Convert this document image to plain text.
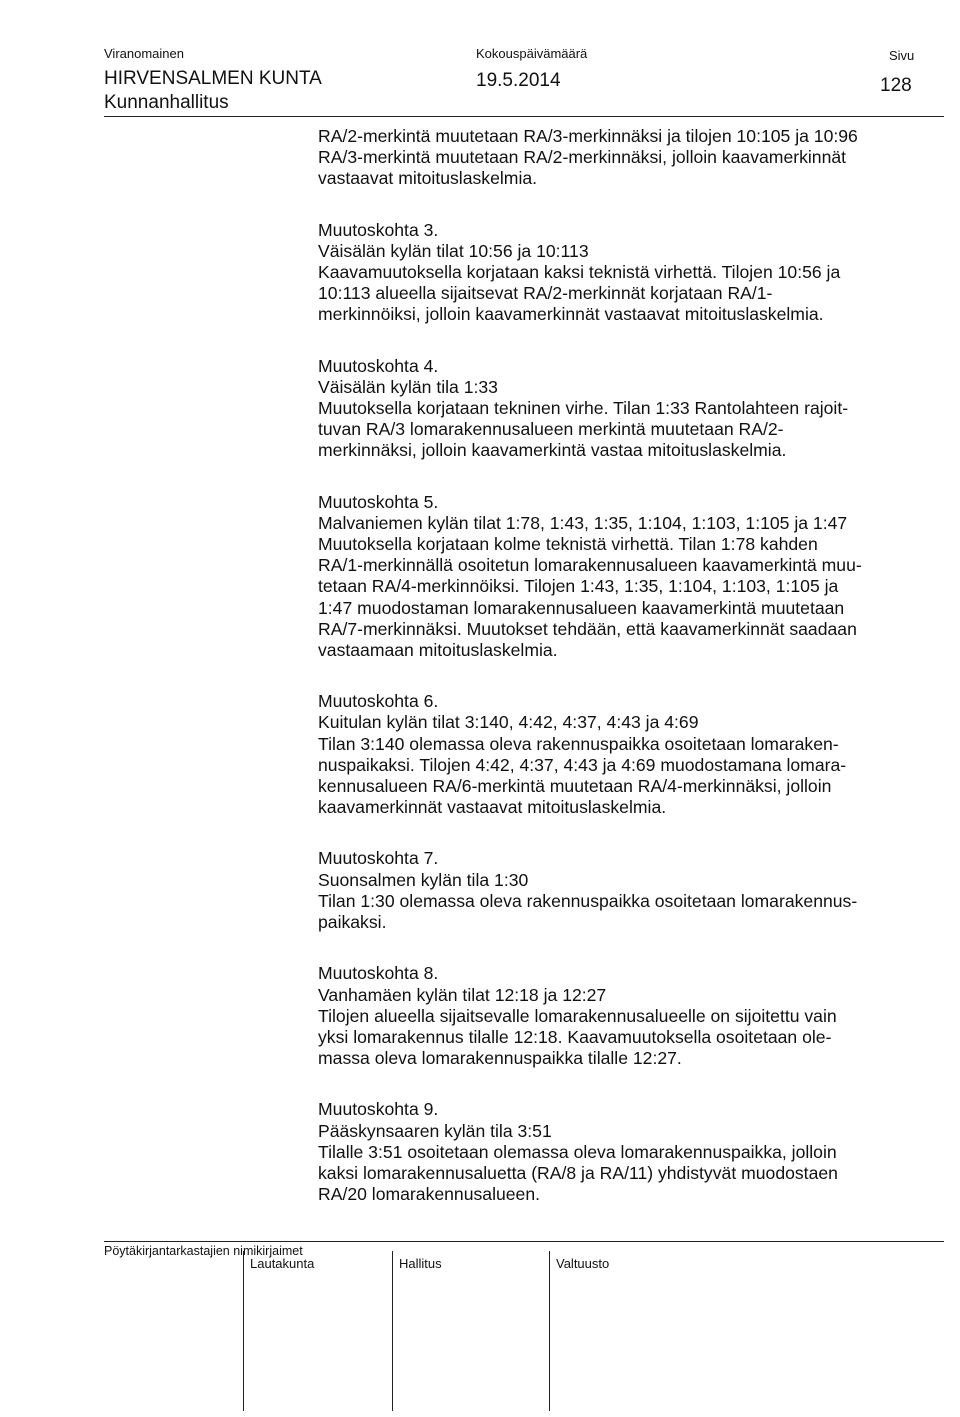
Viranomainen
HIRVENSALMEN KUNTA
Kunnanhallitus
Kokouspäivämäärä
19.5.2014
Sivu
128
RA/2-merkintä muutetaan RA/3-merkinnäksi ja tilojen 10:105 ja 10:96
RA/3-merkintä muutetaan RA/2-merkinnäksi, jolloin kaavamerkinnät
vastaavat mitoituslaskelmia.
Muutoskohta 3.
Väisälän kylän tilat 10:56 ja 10:113
Kaavamuutoksella korjataan kaksi teknistä virhettä. Tilojen 10:56 ja
10:113 alueella sijaitsevat RA/2-merkinnät korjataan RA/1-
merkinnöiksi, jolloin kaavamerkinnät vastaavat mitoituslaskelmia.
Muutoskohta 4.
Väisälän kylän tila 1:33
Muutoksella korjataan tekninen virhe. Tilan 1:33 Rantolahteen rajoit-
tuvan RA/3 lomarakennusalueen merkintä muutetaan RA/2-
merkinnäksi, jolloin kaavamerkintä vastaa mitoituslaskelmia.
Muutoskohta 5.
Malvaniemen kylän tilat 1:78, 1:43, 1:35, 1:104, 1:103, 1:105 ja 1:47
Muutoksella korjataan kolme teknistä virhettä. Tilan 1:78 kahden
RA/1-merkinnällä osoitetun lomarakennusalueen kaavamerkintä muu-
tetaan RA/4-merkinnöiksi. Tilojen 1:43, 1:35, 1:104, 1:103, 1:105 ja
1:47 muodostaman lomarakennusalueen kaavamerkintä muutetaan
RA/7-merkinnäksi. Muutokset tehdään, että kaavamerkinnät saadaan
vastaamaan mitoituslaskelmia.
Muutoskohta 6.
Kuitulan kylän tilat 3:140, 4:42, 4:37, 4:43 ja 4:69
Tilan 3:140 olemassa oleva rakennuspaikka osoitetaan lomaraken-
nuspaikaksi. Tilojen 4:42, 4:37, 4:43 ja 4:69 muodostamana lomara-
kennusalueen RA/6-merkintä muutetaan RA/4-merkinnäksi, jolloin
kaavamerkinnät vastaavat mitoituslaskelmia.
Muutoskohta 7.
Suonsalmen kylän tila 1:30
Tilan 1:30 olemassa oleva rakennuspaikka osoitetaan lomarakennus-
paikaksi.
Muutoskohta 8.
Vanhamäen kylän tilat 12:18 ja 12:27
Tilojen alueella sijaitsevalle lomarakennusalueelle on sijoitettu vain
yksi lomarakennus tilalle 12:18. Kaavamuutoksella osoitetaan ole-
massa oleva lomarakennuspaikka tilalle 12:27.
Muutoskohta 9.
Pääskynsaaren kylän tila 3:51
Tilalle 3:51 osoitetaan olemassa oleva lomarakennuspaikka, jolloin
kaksi lomarakennusaluetta (RA/8 ja RA/11) yhdistyvät muodostaen
RA/20 lomarakennusalueen.
Pöytäkirjantarkastajien nimikirjaimet
Lautakunta	Hallitus	Valtuusto
